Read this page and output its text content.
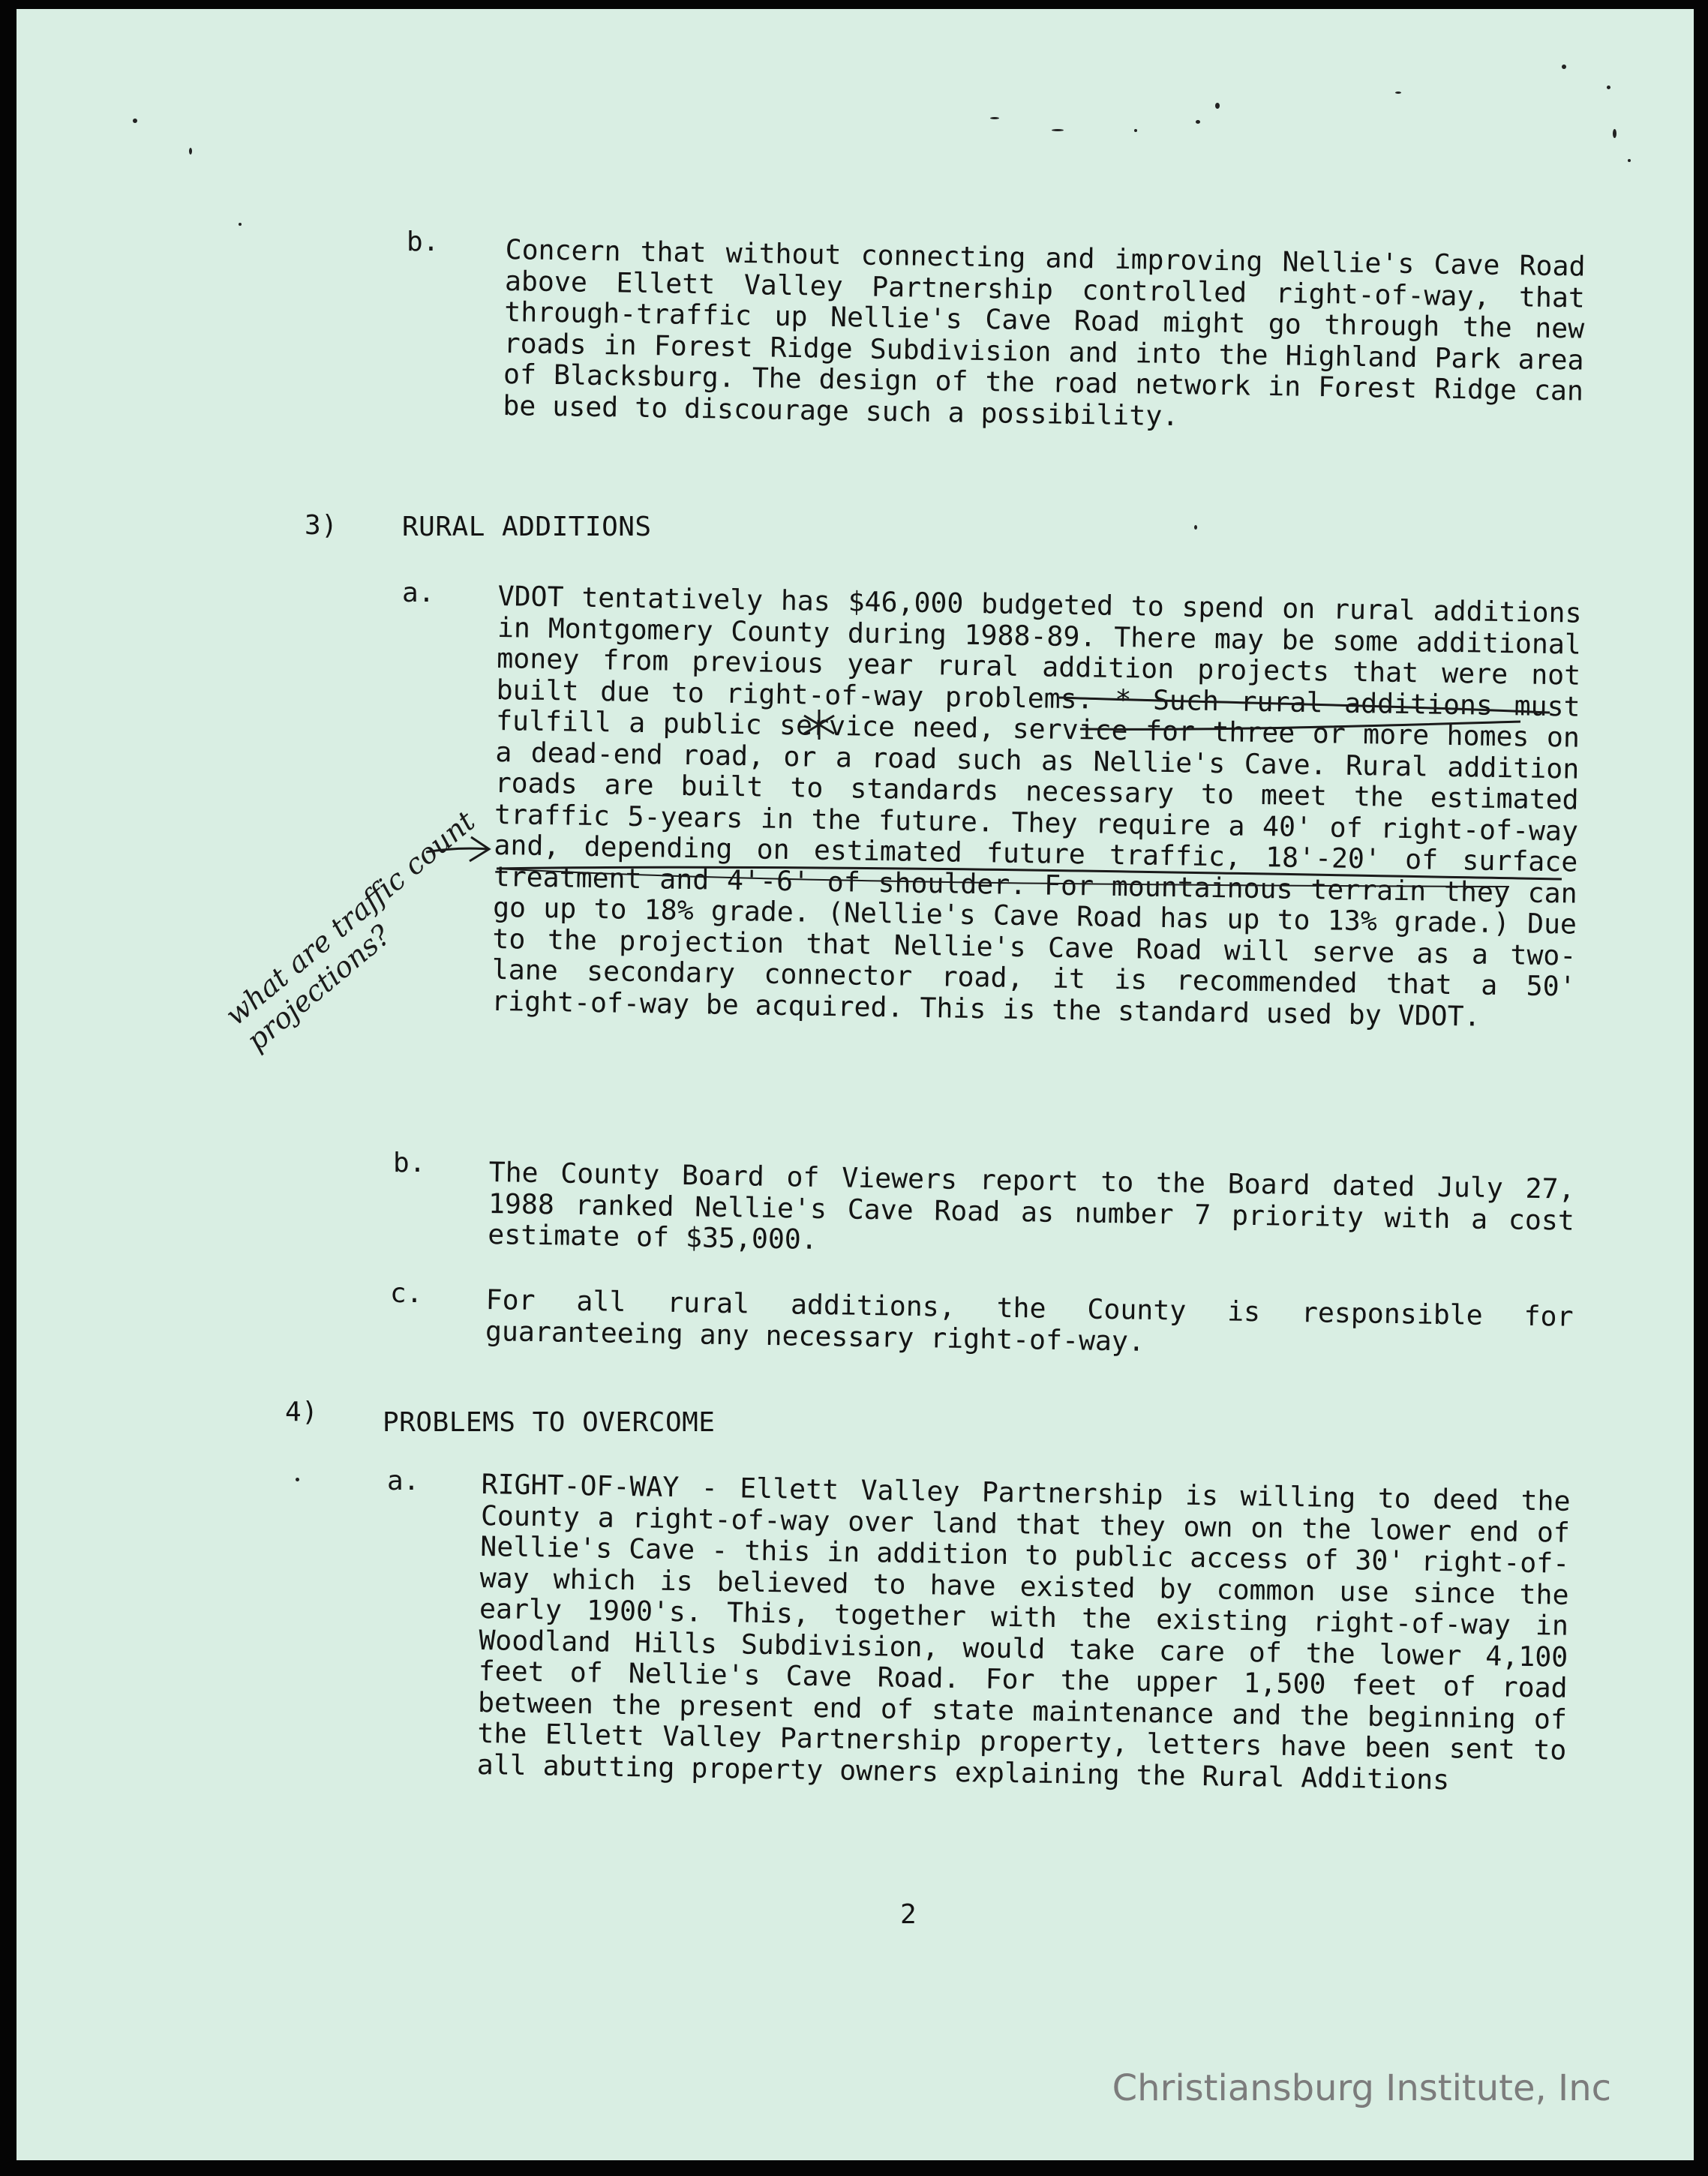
b. Concern that without connecting and improving Nellie's Cave Road above Ellett Valley Partnership controlled right-of-way, that through-traffic up Nellie's Cave Road might go through the new roads in Forest Ridge Subdivision and into the Highland Park area of Blacksburg. The design of the road network in Forest Ridge can be used to discourage such a possibility.
3) RURAL ADDITIONS
a. VDOT tentatively has $46,000 budgeted to spend on rural additions in Montgomery County during 1988-89. There may be some additional money from previous year rural addition projects that were not built due to right-of-way problems. * Such rural additions must fulfill a public service need, service for three or more homes on a dead-end road, or a road such as Nellie's Cave. Rural addition roads are built to standards necessary to meet the estimated traffic 5-years in the future. They require a 40' of right-of-way and, depending on estimated future traffic, 18'-20' of surface treatment and 4'-6' of shoulder. For mountainous terrain they can go up to 18% grade. (Nellie's Cave Road has up to 13% grade.) Due to the projection that Nellie's Cave Road will serve as a two-lane secondary connector road, it is recommended that a 50' right-of-way be acquired. This is the standard used by VDOT.
what are traffic count projections?
b. The County Board of Viewers report to the Board dated July 27, 1988 ranked Nellie's Cave Road as number 7 priority with a cost estimate of $35,000.
c. For all rural additions, the County is responsible for guaranteeing any necessary right-of-way.
4) PROBLEMS TO OVERCOME
a. RIGHT-OF-WAY - Ellett Valley Partnership is willing to deed the County a right-of-way over land that they own on the lower end of Nellie's Cave - this in addition to public access of 30' right-of-way which is believed to have existed by common use since the early 1900's. This, together with the existing right-of-way in Woodland Hills Subdivision, would take care of the lower 4,100 feet of Nellie's Cave Road. For the upper 1,500 feet of road between the present end of state maintenance and the beginning of the Ellett Valley Partnership property, letters have been sent to all abutting property owners explaining the Rural Additions
2
Christiansburg Institute, Inc
